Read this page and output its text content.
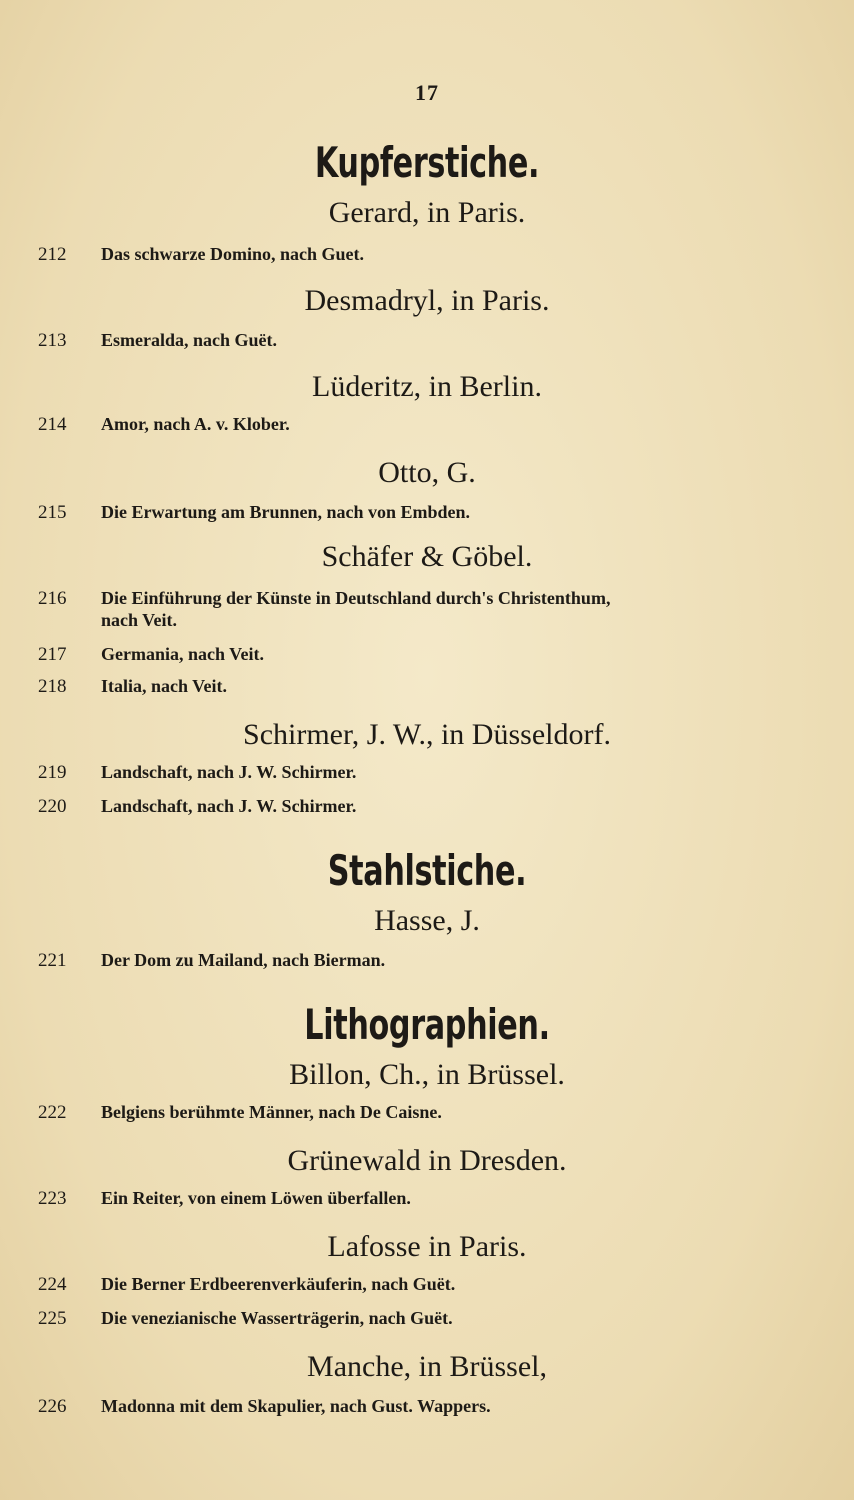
17
Kupferstiche.
Gerard, in Paris.
212	Das schwarze Domino, nach Guet.
Desmadryl, in Paris.
213	Esmeralda, nach Guët.
Lüderitz, in Berlin.
214	Amor, nach A. v. Klober.
Otto, G.
215	Die Erwartung am Brunnen, nach von Embden.
Schäfer & Göbel.
216	Die Einführung der Künste in Deutschland durch's Christenthum,
nach Veit.
217	Germania, nach Veit.
218	Italia, nach Veit.
Schirmer, J. W., in Düsseldorf.
219	Landschaft, nach J. W. Schirmer.
220	Landschaft, nach J. W. Schirmer.
Stahlstiche.
Hasse, J.
221	Der Dom zu Mailand, nach Bierman.
Lithographien.
Billon, Ch., in Brüssel.
222	Belgiens berühmte Männer, nach De Caisne.
Grünewald in Dresden.
223	Ein Reiter, von einem Löwen überfallen.
Lafosse in Paris.
224	Die Berner Erdbeerenverkäuferin, nach Guët.
225	Die venezianische Wasserträgerin, nach Guët.
Manche, in Brüssel,
226	Madonna mit dem Skapulier, nach Gust. Wappers.
